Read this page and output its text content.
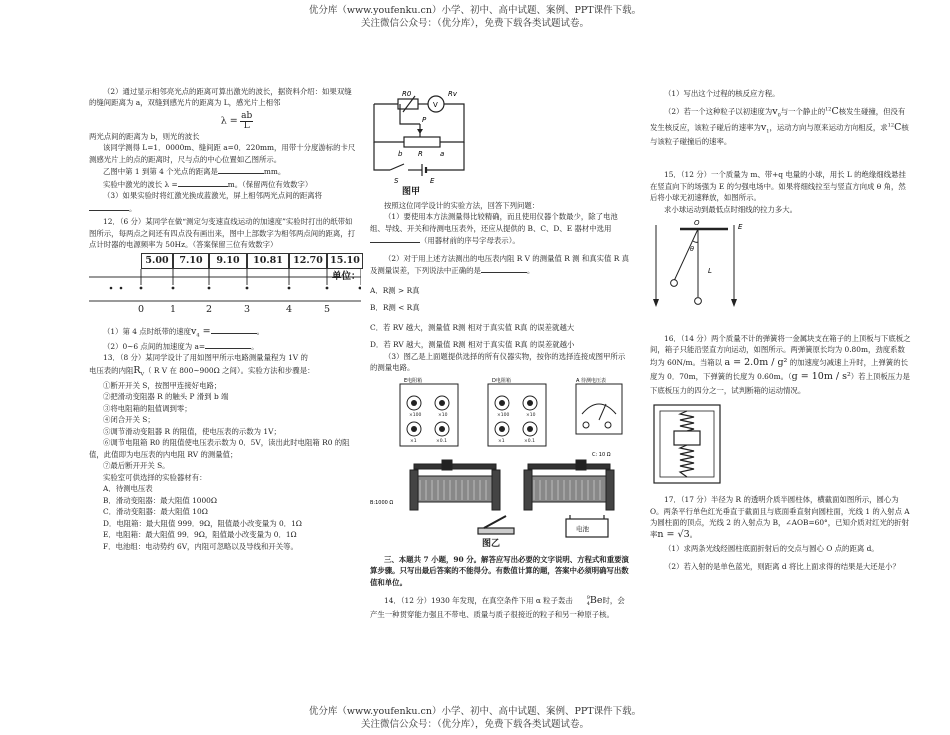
优分库（www.youfenku.cn）小学、初中、高中试题、案例、PPT课件下载。
关注微信公众号：（优分库），免费下载各类试题试卷。

（2）通过显示相邻亮光点的距离可算出激光的波长，据资料介绍：如果双缝的缝间距离为 a，双缝到感光片的距离为 L，感光片上相邻

$\lambda = \frac{ab}{L}$

两光点间的距离为 b，则光的波长

该同学测得 L=1．0000m、缝间距 a=0．220mm，用带十分度游标的卡尺测感光片上的点的距离时，尺与点的中心位置如乙图所示。

乙图中第 1 到第 4 个光点的距离是	mm。

实验中激光的波长 λ =	m。（保留两位有效数字）

（3）如果实验时将红激光换成蓝激光，屏上相邻两光点间的距离将。

12．（6 分）某同学在做“测定匀变速直线运动的加速度”实验时打出的纸带如图所示，每两点之间还有四点没有画出来，图中上部数字为相邻两点间的距离，打点计时器的电源频率为 50Hz。（答案保留三位有效数字）

5.00	7.10	9.10	10.81	12.70 15.10
0	1	2	3	4	5

（1）第 4 点时纸带的速度$v_4$ =	。

（2）0~6 点间的加速度为 a=	。

13．（8 分）某同学设计了用如图甲所示电路测量量程为 1V 的

电压表的内阻$R_V$（ R V 在 800~900Ω 之间）。实验方法和步骤是：

①断开开关 S，按图甲连接好电路；

②把滑动变阻器 R 的触头 P 滑到 b 端

③将电阻箱的阻值调到零；

④闭合开关 S；

⑤调节滑动变阻器 R 的阻值，使电压表的示数为 1V；

⑥调节电阻箱 R0 的阻值使电压表示数为 0．5V，读出此时电阻箱 R0 的阻值，此值即为电压表的内电阻 RV 的测量值；

⑦最后断开开关 S。

实验室可供选择的实验器材有：

A．待测电压表

B．滑动变阻器：最大阻值 1000Ω

C．滑动变阻器：最大阻值 10Ω

D．电阻箱：最大阻值 999．9Ω，阻值最小改变量为 0．1Ω

E．电阻箱：最大阻值 99．9Ω，阻值最小改变量为 0．1Ω

F．电池组：电动势约 6V，内阻可忽略以及导线和开关等。

单位：
R0
V
Rv
P
b R a
S	E
图甲

按照这位同学设计的实验方法，回答下列问题：

（1）要使用本方法测量得比较精确，而且使用仪器个数最少，除了电池组、导线、开关和待测电压表外，还应从提供的 B、C、D、E 器材中选用（用器材前的序号字母表示）。

（2）对于用上述方法测出的电压表内阻 R V 的测量值 R 测 和真实值 R 真 及测量误差，下列说法中正确的是	。

A．R测 > R真

B．R测 < R真

C．若 RV 越大，测量值 R测 相对于真实值 R真 的误差就越大

D．若 RV 越大，测量值 R测 相对于真实值 R真 的误差就越小

（3）图乙是上面题提供选择的所有仪器实物，按你的选择连接成图甲所示的测量电路。

×100	×10
×1	×0.1
×100	×10
×1	×0.1
E电阻箱	D电阻箱	A 待测电压表
B:1000 Ω
C: 10 Ω
电池
图乙

三、本题共 7 小题，90 分。解答应写出必要的文字说明、方程式和重要演算步骤。只写出最后答案的不能得分。有数值计算的题，答案中必须明确写出数值和单位。

14．（12 分）1930 年发现，在真空条件下用 α 粒子轰击	9
4 Be时，会产生一种贯穿能力强且不带电、质量与质子很接近的粒子和另一种原子核。

（1）写出这个过程的核反应方程。

（2）若一个这种粒子以初速度为$v_0$与一个静止的$^{12}$C核发生碰撞，但没有发生核反应，该粒子碰后的速率为$v_1$，运动方向与原来运动方向相反，求$^{12}$C核与该粒子碰撞后的速率。

15．（12 分）一个质量为 m、带+q 电量的小球，用长 L 的绝缘细线悬挂在竖直向下的场强为 E 的匀强电场中。如果将细线拉至与竖直方向成 θ 角，然后将小球无初速释放，如图所示。

求小球运动到最低点时细线的拉力多大。

O	E
θ
L

16．（14 分）两个质量不计的弹簧将一金属块支在箱子的上顶板与下底板之间，箱子只能沿竖直方向运动，如图所示。两弹簧原长均为 0.80m，劲度系数均为 60N/m。当箱以 a = 2.0m / g² 的加速度匀减速上升时，上弹簧的长度为 0．70m，下弹簧的长度为 0.60m。（g = 10m / s²）若上顶板压力是下底板压力的四分之一，试判断箱的运动情况。

17．（17 分）半径为 R 的透明介质半圆柱体，横截面如图所示，圆心为 O。两条平行单色红光垂直于截面且与底面垂直射向圆柱面，光线 1 的入射点 A 为圆柱面的顶点，光线 2 的入射点为 B，∠AOB=60°，已知介质对红光的折射率n = √3。

（1）求两条光线经圆柱底面折射后的交点与圆心 O 点的距离 d。

（2）若入射的是单色蓝光，则距离 d 将比上面求得的结果是大还是小？

优分库（www.youfenku.cn）小学、初中、高中试题、案例、PPT课件下载。
关注微信公众号：（优分库），免费下载各类试题试卷。
